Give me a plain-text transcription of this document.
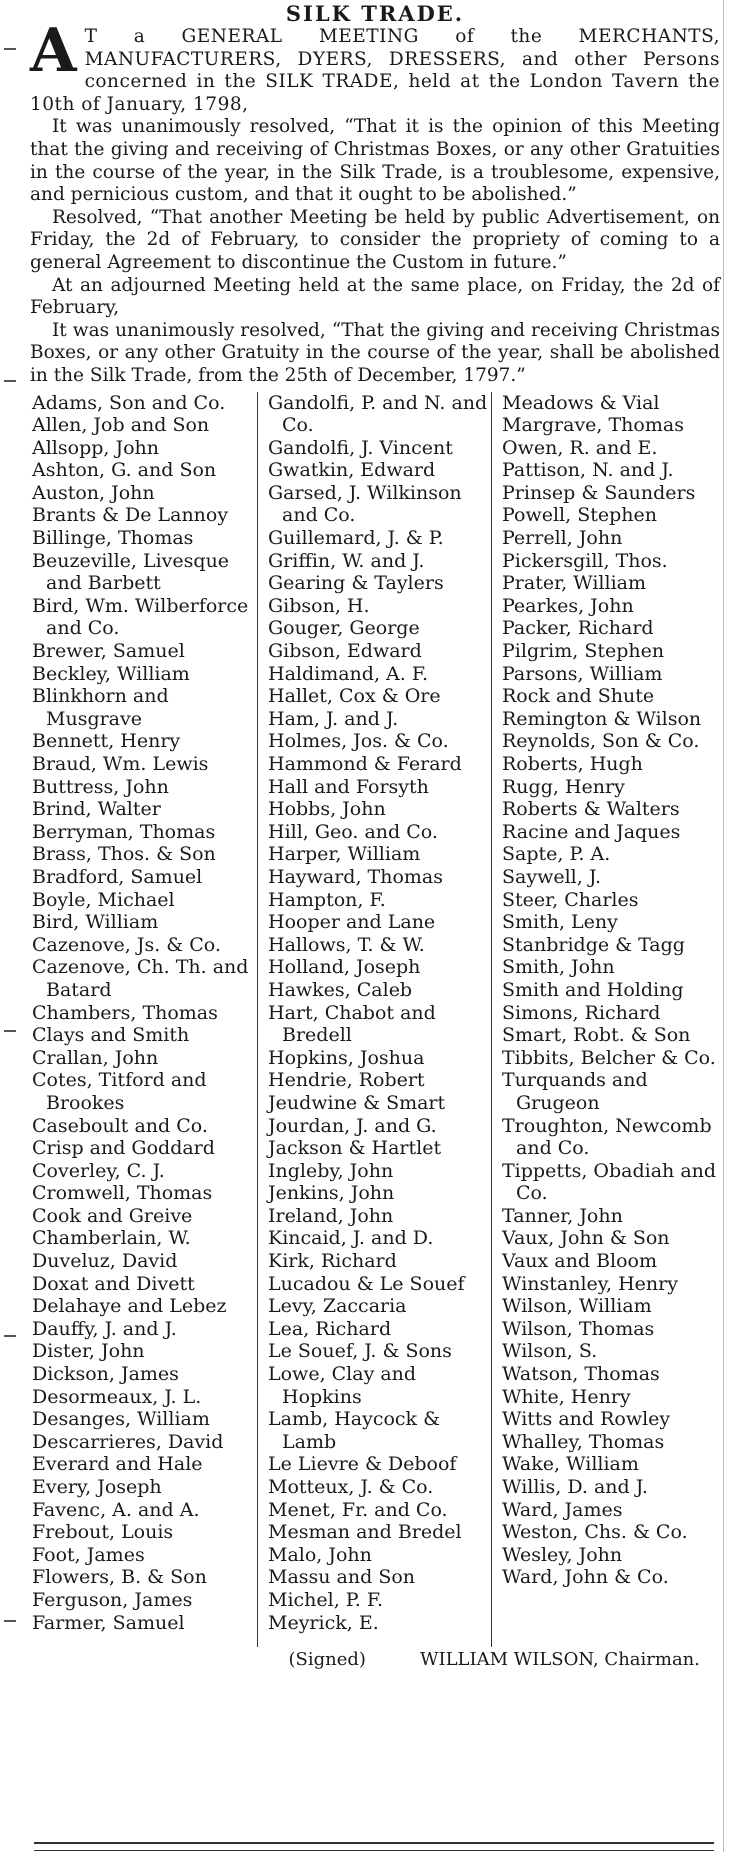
SILK TRADE.

A T a GENERAL MEETING of the MERCHANTS, MANUFACTURERS, DYERS, DRESSERS, and other Persons concerned in the SILK TRADE, held at the London Tavern the 10th of January, 1798,

It was unanimously resolved, “That it is the opinion of this Meeting that the giving and receiving of Christmas Boxes, or any other Gratuities in the course of the year, in the Silk Trade, is a troublesome, expensive, and pernicious custom, and that it ought to be abolished.”

Resolved, “That another Meeting be held by public Advertisement, on Friday, the 2d of February, to consider the propriety of coming to a general Agreement to discontinue the Custom in future.”

At an adjourned Meeting held at the same place, on Friday, the 2d of February,

It was unanimously resolved, “That the giving and receiving Christmas Boxes, or any other Gratuity in the course of the year, shall be abolished in the Silk Trade, from the 25th of December, 1797.”

Adams, Son and Co.
Allen, Job and Son
Allsopp, John
Ashton, G. and Son
Auston, John
Brants & De Lannoy
Billinge, Thomas
Beuzeville, Livesque and Barbett
Bird, Wm. Wilberforce and Co.
Brewer, Samuel
Beckley, William
Blinkhorn and Musgrave
Bennett, Henry
Braud, Wm. Lewis
Buttress, John
Brind, Walter
Berryman, Thomas
Brass, Thos. & Son
Bradford, Samuel
Boyle, Michael
Bird, William
Cazenove, Js. & Co.
Cazenove, Ch. Th. and Batard
Chambers, Thomas
Clays and Smith
Crallan, John
Cotes, Titford and Brookes
Caseboult and Co.
Crisp and Goddard
Coverley, C. J.
Cromwell, Thomas
Cook and Greive
Chamberlain, W.
Duveluz, David
Doxat and Divett
Delahaye and Lebez
Dauffy, J. and J.
Dister, John
Dickson, James
Desormeaux, J. L.
Desanges, William
Descarrieres, David
Everard and Hale
Every, Joseph
Favenc, A. and A.
Frebout, Louis
Foot, James
Flowers, B. & Son
Ferguson, James
Farmer, Samuel
Gandolfi, P. and N. and Co.
Gandolfi, J. Vincent
Gwatkin, Edward
Garsed, J. Wilkinson and Co.
Guillemard, J. & P.
Griffin, W. and J.
Gearing & Taylers
Gibson, H.
Gouger, George
Gibson, Edward
Haldimand, A. F.
Hallet, Cox & Ore
Ham, J. and J.
Holmes, Jos. & Co.
Hammond & Ferard
Hall and Forsyth
Hobbs, John
Hill, Geo. and Co.
Harper, William
Hayward, Thomas
Hampton, F.
Hooper and Lane
Hallows, T. & W.
Holland, Joseph
Hawkes, Caleb
Hart, Chabot and Bredell
Hopkins, Joshua
Hendrie, Robert
Jeudwine & Smart
Jourdan, J. and G.
Jackson & Hartlet
Ingleby, John
Jenkins, John
Ireland, John
Kincaid, J. and D.
Kirk, Richard
Lucadou & Le Souef
Levy, Zaccaria
Lea, Richard
Le Souef, J. & Sons
Lowe, Clay and Hopkins
Lamb, Haycock & Lamb
Le Lievre & Deboof
Motteux, J. & Co.
Menet, Fr. and Co.
Mesman and Bredel
Malo, John
Massu and Son
Michel, P. F.
Meyrick, E.
Meadows & Vial
Margrave, Thomas
Owen, R. and E.
Pattison, N. and J.
Prinsep & Saunders
Powell, Stephen
Perrell, John
Pickersgill, Thos.
Prater, William
Pearkes, John
Packer, Richard
Pilgrim, Stephen
Parsons, William
Rock and Shute
Remington & Wilson
Reynolds, Son & Co.
Roberts, Hugh
Rugg, Henry
Roberts & Walters
Racine and Jaques
Sapte, P. A.
Saywell, J.
Steer, Charles
Smith, Leny
Stanbridge & Tagg
Smith, John
Smith and Holding
Simons, Richard
Smart, Robt. & Son
Tibbits, Belcher & Co.
Turquands and Grugeon
Troughton, Newcomb and Co.
Tippetts, Obadiah and Co.
Tanner, John
Vaux, John & Son
Vaux and Bloom
Winstanley, Henry
Wilson, William
Wilson, Thomas
Wilson, S.
Watson, Thomas
White, Henry
Witts and Rowley
Whalley, Thomas
Wake, William
Willis, D. and J.
Ward, James
Weston, Chs. & Co.
Wesley, John
Ward, John & Co.
(Signed)	WILLIAM WILSON, Chairman.
